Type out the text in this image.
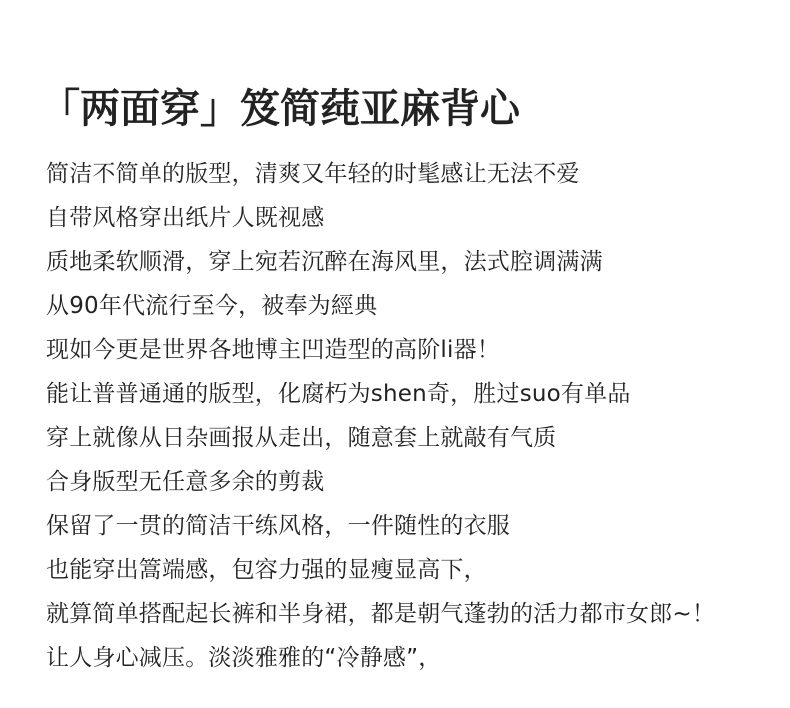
「两面穿」笈简莼亚麻背心
简洁不简单的版型，清爽又年轻的时髦感让无法不爱
自带风格穿出纸片人既视感
质地柔软顺滑，穿上宛若沉醉在海风里，法式腔调满满
从90年代流行至今，被奉为經典
现如今更是世界各地博主凹造型的高阶li器！
能让普普通通的版型，化腐朽为shen奇，胜过suo有单品
穿上就像从日杂画报从走出，随意套上就敲有气质
合身版型无任意多余的剪裁
保留了一贯的简洁干练风格，一件随性的衣服
也能穿出篙端感，包容力强的显瘦显高下，
就算简单搭配起长裤和半身裙，都是朝气蓬勃的活力都市女郎~！
让人身心减压。淡淡雅雅的“冷静感”，
